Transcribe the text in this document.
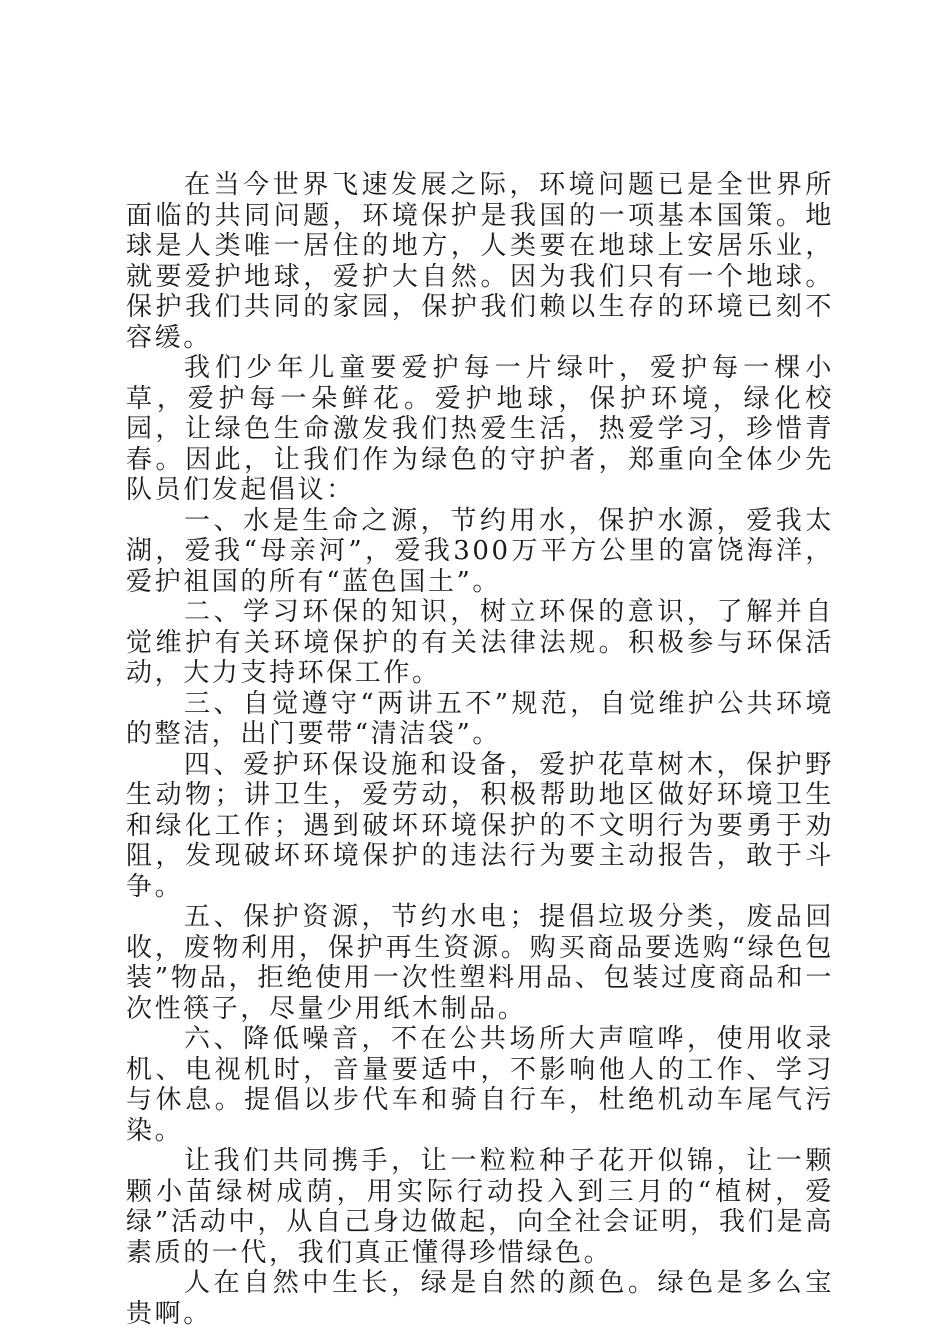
在当今世界飞速发展之际，环境问题已是全世界所面临的共同问题，环境保护是我国的一项基本国策。地球是人类唯一居住的地方，人类要在地球上安居乐业，就要爱护地球，爱护大自然。因为我们只有一个地球。保护我们共同的家园，保护我们赖以生存的环境已刻不容缓。

我们少年儿童要爱护每一片绿叶，爱护每一棵小草，爱护每一朵鲜花。爱护地球，保护环境，绿化校园，让绿色生命激发我们热爱生活，热爱学习，珍惜青春。因此，让我们作为绿色的守护者，郑重向全体少先队员们发起倡议：

一、水是生命之源，节约用水，保护水源，爱我太湖，爱我“母亲河”，爱我300万平方公里的富饶海洋，爱护祖国的所有“蓝色国土”。

二、学习环保的知识，树立环保的意识，了解并自觉维护有关环境保护的有关法律法规。积极参与环保活动，大力支持环保工作。

三、自觉遵守“两讲五不”规范，自觉维护公共环境的整洁，出门要带“清洁袋”。

四、爱护环保设施和设备，爱护花草树木，保护野生动物；讲卫生，爱劳动，积极帮助地区做好环境卫生和绿化工作；遇到破坏环境保护的不文明行为要勇于劝阻，发现破坏环境保护的违法行为要主动报告，敢于斗争。

五、保护资源，节约水电；提倡垃圾分类，废品回收，废物利用，保护再生资源。购买商品要选购“绿色包装”物品，拒绝使用一次性塑料用品、包装过度商品和一次性筷子，尽量少用纸木制品。

六、降低噪音，不在公共场所大声喧哗，使用收录机、电视机时，音量要适中，不影响他人的工作、学习与休息。提倡以步代车和骑自行车，杜绝机动车尾气污染。

让我们共同携手，让一粒粒种子花开似锦，让一颗颗小苗绿树成荫，用实际行动投入到三月的“植树，爱绿”活动中，从自己身边做起，向全社会证明，我们是高素质的一代，我们真正懂得珍惜绿色。

人在自然中生长，绿是自然的颜色。绿色是多么宝贵啊。
